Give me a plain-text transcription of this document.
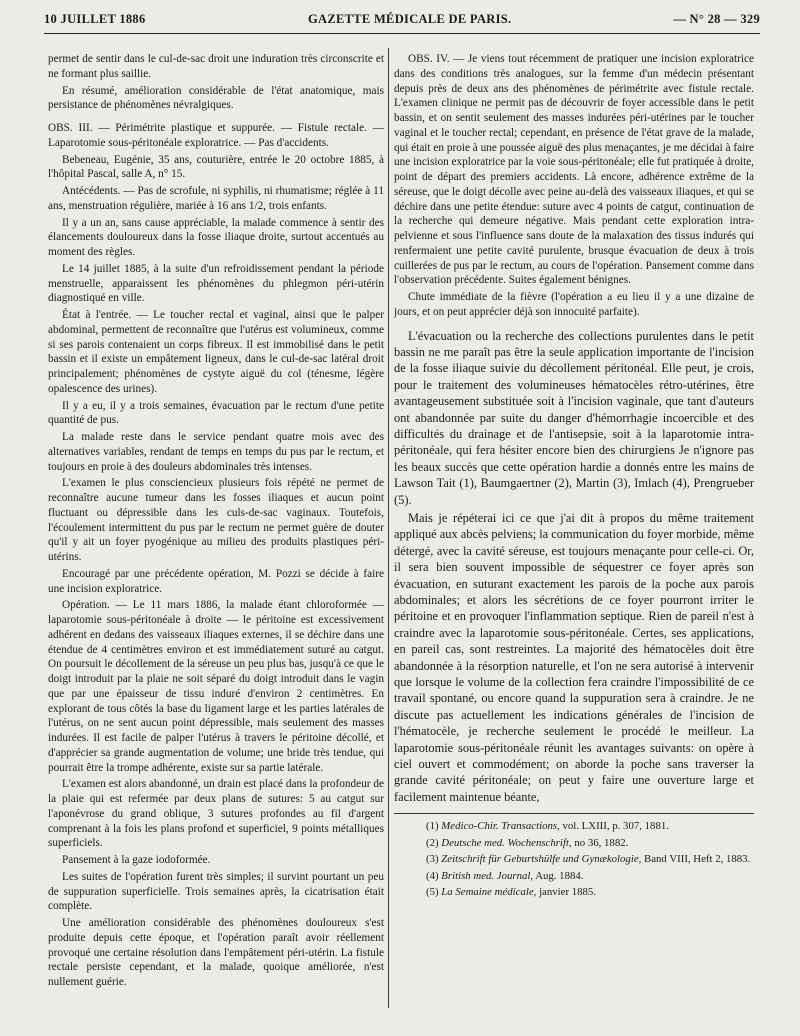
10 JUILLET 1886	GAZETTE MÉDICALE DE PARIS.	— N° 28 — 329

permet de sentir dans le cul-de-sac droit une induration très circonscrite et ne formant plus saillie.

En résumé, amélioration considérable de l'état anatomique, mais persistance de phénomènes névralgiques.

OBS. III. — Périmétrite plastique et suppurée. — Fistule rectale. — Laparotomie sous-péritonéale exploratrice. — Pas d'accidents.

Bebeneau, Eugénie, 35 ans, couturière, entrée le 20 octobre 1885, à l'hôpital Pascal, salle A, n° 15.

Antécédents. — Pas de scrofule, ni syphilis, ni rhumatisme; réglée à 11 ans, menstruation régulière, mariée à 16 ans 1/2, trois enfants.

Il y a un an, sans cause appréciable, la malade commence à sentir des élancements douloureux dans la fosse iliaque droite, surtout accentués au moment des règles.

Le 14 juillet 1885, à la suite d'un refroidissement pendant la période menstruelle, apparaissent les phénomènes du phlegmon péri-utérin diagnostiqué en ville.

État à l'entrée. — Le toucher rectal et vaginal, ainsi que le palper abdominal, permettent de reconnaître que l'utérus est volumineux, comme si ses parois contenaient un corps fibreux. Il est immobilisé dans le petit bassin et il existe un empâtement ligneux, dans le cul-de-sac latéral droit principalement; phénomènes de cystyte aiguë du col (ténesme, légère opalescence des urines).

Il y a eu, il y a trois semaines, évacuation par le rectum d'une petite quantité de pus.

La malade reste dans le service pendant quatre mois avec des alternatives variables, rendant de temps en temps du pus par le rectum, et toujours en proie à des douleurs abdominales très intenses.

L'examen le plus consciencieux plusieurs fois répété ne permet de reconnaître aucune tumeur dans les fosses iliaques et aucun point fluctuant ou dépressible dans les culs-de-sac vaginaux. Toutefois, l'écoulement intermittent du pus par le rectum ne permet guère de douter qu'il y ait un foyer pyogénique au milieu des produits plastiques péri-utérins.

Encouragé par une précédente opération, M. Pozzi se décide à faire une incision exploratrice.

Opération. — Le 11 mars 1886, la malade étant chloroformée — laparotomie sous-péritonéale à droite — le péritoine est excessivement adhérent en dedans des vaisseaux iliaques externes, il se déchire dans une étendue de 4 centimètres environ et est immédiatement suturé au catgut. On poursuit le décollement de la séreuse un peu plus bas, jusqu'à ce que le doigt introduit par la plaie ne soit séparé du doigt introduit dans le vagin que par une épaisseur de tissu induré d'environ 2 centimètres. En explorant de tous côtés la base du ligament large et les parties latérales de l'utérus, on ne sent aucun point dépressible, mais seulement des masses indurées. Il est facile de palper l'utérus à travers le péritoine décollé, et d'apprécier sa grande augmentation de volume; une bride très tendue, qui pourrait être la trompe adhérente, existe sur sa partie latérale.

L'examen est alors abandonné, un drain est placé dans la profondeur de la plaie qui est refermée par deux plans de sutures: 5 au catgut sur l'aponévrose du grand oblique, 3 sutures profondes au fil d'argent comprenant à la fois les plans profond et superficiel, 9 points métalliques superficiels.

Pansement à la gaze iodoformée.

Les suites de l'opération furent très simples; il survint pourtant un peu de suppuration superficielle. Trois semaines après, la cicatrisation était complète.

Une amélioration considérable des phénomènes douloureux s'est produite depuis cette époque, et l'opération paraît avoir réellement provoqué une certaine résolution dans l'empâtement péri-utérin. La fistule rectale persiste cependant, et la malade, quoique améliorée, n'est nullement guérie.

OBS. IV. — Je viens tout récemment de pratiquer une incision exploratrice dans des conditions très analogues, sur la femme d'un médecin présentant depuis près de deux ans des phénomènes de périmétrite avec fistule rectale. L'examen clinique ne permit pas de découvrir de foyer accessible dans le petit bassin, et on sentit seulement des masses indurées péri-utérines par le toucher vaginal et le toucher rectal; cependant, en présence de l'état grave de la malade, qui était en proie à une poussée aiguë des plus menaçantes, je me décidai à faire une incision exploratrice par la voie sous-péritonéale; elle fut pratiquée à droite, point de départ des premiers accidents. Là encore, adhérence extrême de la séreuse, que le doigt décolle avec peine au-delà des vaisseaux iliaques, et qui se déchire dans une petite étendue: suture avec 4 points de catgut, continuation de la recherche qui demeure négative. Mais pendant cette exploration intra-pelvienne et sous l'influence sans doute de la malaxation des tissus indurés qui renfermaient une petite cavité purulente, brusque évacuation de deux à trois cuillerées de pus par le rectum, au cours de l'opération. Pansement comme dans l'observation précédente. Suites également bénignes.

Chute immédiate de la fièvre (l'opération a eu lieu il y a une dizaine de jours, et on peut apprécier déjà son innocuité parfaite).

L'évacuation ou la recherche des collections purulentes dans le petit bassin ne me paraît pas être la seule application importante de l'incision de la fosse iliaque suivie du décollement péritonéal. Elle peut, je crois, pour le traitement des volumineuses hématocèles rétro-utérines, être avantageusement substituée soit à l'incision vaginale, que tant d'auteurs ont abandonnée par suite du danger d'hémorrhagie incoercible et des difficultés du drainage et de l'antisepsie, soit à la laparotomie intra-péritonéale, qui fera hésiter encore bien des chirurgiens Je n'ignore pas les beaux succès que cette opération hardie a donnés entre les mains de Lawson Tait (1), Baumgaertner (2), Martin (3), Imlach (4), Prengrueber (5).

Mais je répéterai ici ce que j'ai dit à propos du même traitement appliqué aux abcès pelviens; la communication du foyer morbide, même détergé, avec la cavité séreuse, est toujours menaçante pour celle-ci. Or, il sera bien souvent impossible de séquestrer ce foyer après son évacuation, en suturant exactement les parois de la poche aux parois abdominales; et alors les sécrétions de ce foyer pourront irriter le péritoine et en provoquer l'inflammation septique. Rien de pareil n'est à craindre avec la laparotomie sous-péritonéale. Certes, ses applications, en pareil cas, sont restreintes. La majorité des hématocèles doit être abandonnée à la résorption naturelle, et l'on ne sera autorisé à intervenir que lorsque le volume de la collection fera craindre l'impossibilité de ce travail spontané, ou encore quand la suppuration sera à craindre. Je ne discute pas actuellement les indications générales de l'incision de l'hématocèle, je recherche seulement le procédé le meilleur. La laparotomie sous-péritonéale réunit les avantages suivants: on opère à ciel ouvert et commodément; on aborde la poche sans traverser la grande cavité péritonéale; on peut y faire une ouverture large et facilement maintenue béante,

(1) Medico-Chir. Transactions, vol. LXIII, p. 307, 1881.

(2) Deutsche med. Wochenschrift, no 36, 1882.

(3) Zeitschrift für Geburtshülfe und Gynækologie, Band VIII, Heft 2, 1883.

(4) British med. Journal, Aug. 1884.

(5) La Semaine médicale, janvier 1885.
